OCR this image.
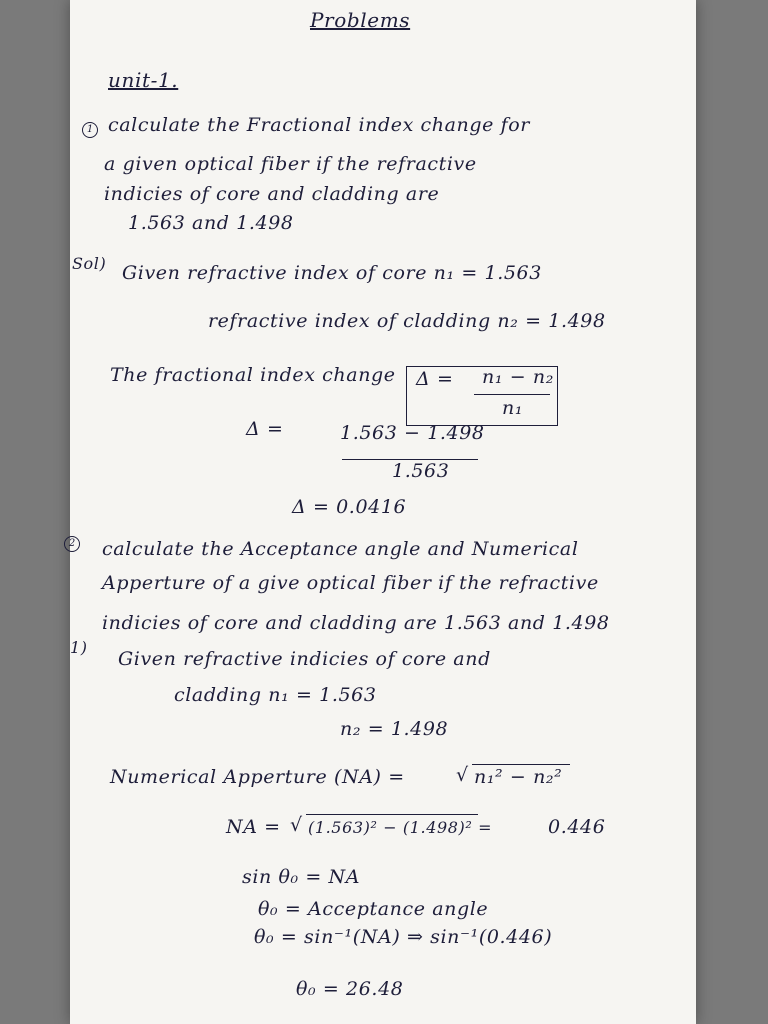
Problems
unit-1.
1 calculate the Fractional index change for
a given optical fiber if the refractive
indicies of core and cladding are
1.563 and 1.498
Sol) Given refractive index of core n₁ = 1.563
refractive index of cladding n₂ = 1.498
The fractional index change Δ = n₁ − n₂
n₁
Δ =	1.563 − 1.498
1.563
Δ = 0.0416
2 calculate the Acceptance angle and Numerical
Apperture of a give optical fiber if the refractive
indicies of core and cladding are 1.563 and 1.498
1)
Given refractive indicies of core and
cladding n₁ = 1.563
n₂ = 1.498
Numerical Apperture (NA) =	√ n₁² − n₂²
NA = √ (1.563)² − (1.498)² =	0.446
sin θ₀ = NA
θ₀ = Acceptance angle
θ₀ = sin⁻¹(NA) ⇒ sin⁻¹(0.446)
θ₀ = 26.48
